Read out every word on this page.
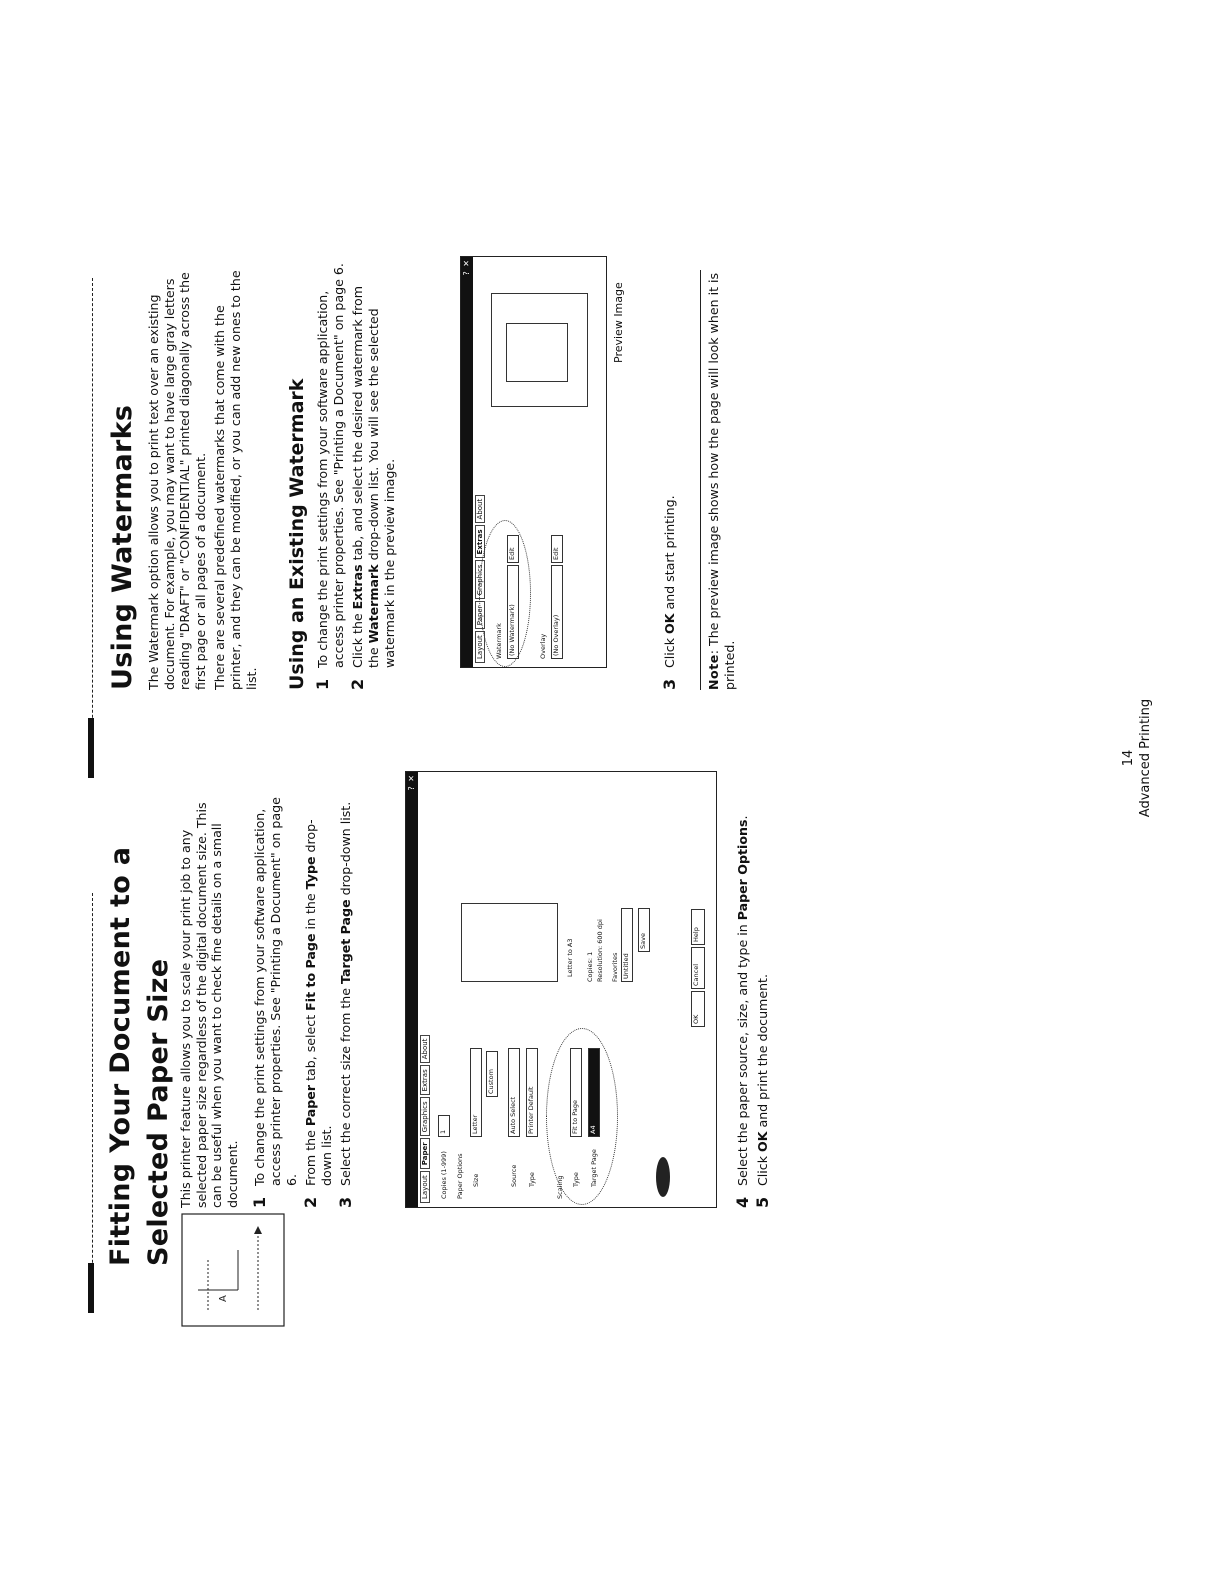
Fitting Your Document to a Selected Paper Size
A

This printer feature allows you to scale your print job to any selected paper size regardless of the digital document size. This can be useful when you want to check fine details on a small document. 1
To change the print settings from your software application, access printer properties. See "Printing a Document" on page 6.
2
From the Paper tab, select Fit to Page in the Type drop-down list.
3
Select the correct size from the Target Page drop-down list.
? ✕
Layout
Paper
Graphics
Extras
About
Copies (1-999)
1
Paper Options Size
Letter
Custom
Source
Auto Select
Type
Printer Default
Scaling Type
Fit to Page
Target Page
A4
Letter to A3 Copies: 1 Resolution: 600 dpi Favorites Untitled
Save
OK
Cancel
Help
4
Select the paper source, size, and type in Paper Options.
5
Click OK and print the document.
Using Watermarks The Watermark option allows you to print text over an existing document. For example, you may want to have large gray letters reading "DRAFT" or "CONFIDENTIAL" printed diagonally across the first page or all pages of a document. There are several predefined watermarks that come with the printer, and they can be modified, or you can add new ones to the list. Using an Existing Watermark 1
To change the print settings from your software application, access printer properties. See "Printing a Document" on page 6.
2
Click the Extras tab, and select the desired watermark from the Watermark drop-down list. You will see the selected watermark in the preview image.
? ✕
Layout
Paper
Graphics
Extras
About
Watermark (No Watermark)
Edit
Overlay (No Overlay)
Edit
Preview Image
3
Click OK and start printing.
Note: The preview image shows how the page will look when it is printed.
14 Advanced Printing
